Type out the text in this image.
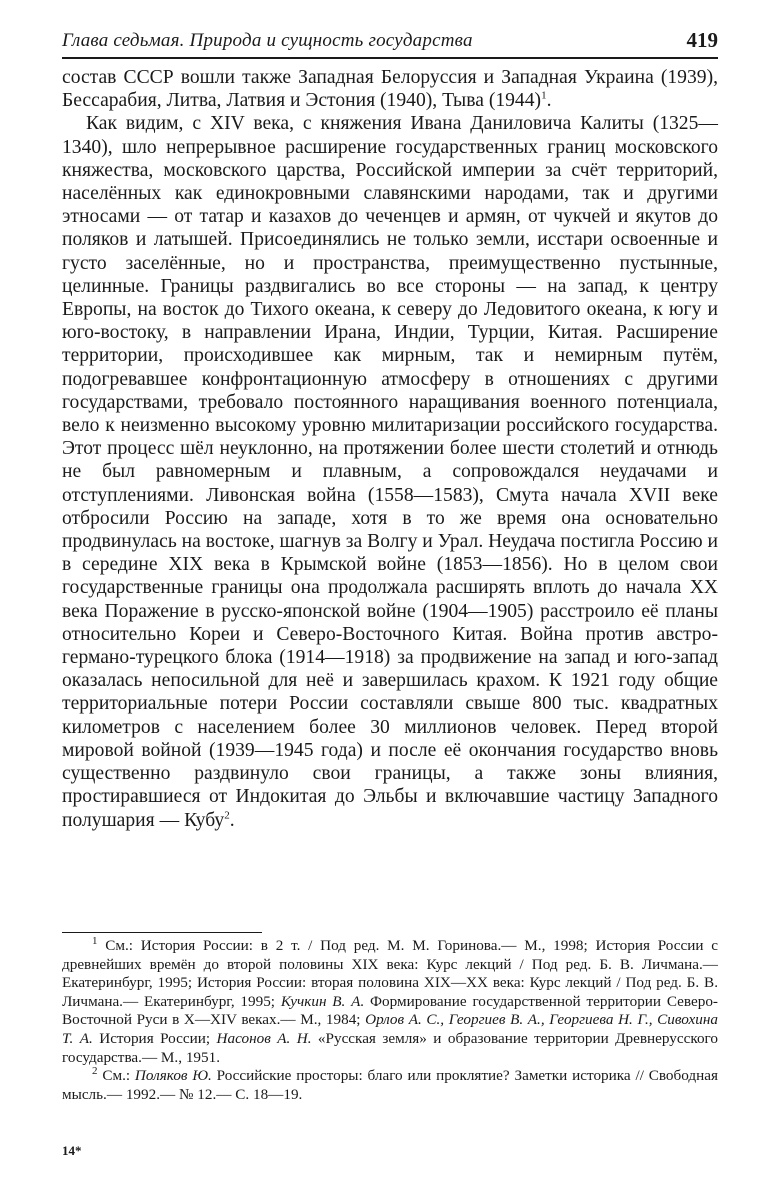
Глава седьмая. Природа и сущность государства	419

состав СССР вошли также Западная Белоруссия и Западная Украина (1939), Бессарабия, Литва, Латвия и Эстония (1940), Тыва $(1944)^1$.

Как видим, с XIV века, с княжения Ивана Даниловича Калиты (1325—1340), шло непрерывное расширение государственных границ московского княжества, московского царства, Российской империи за счёт территорий, населённых как единокровными славянскими народами, так и другими этносами — от татар и казахов до чеченцев и армян, от чукчей и якутов до поляков и латышей. Присоединялись не только земли, исстари освоенные и густо заселённые, но и пространства, преимущественно пустынные, целинные. Границы раздвигались во все стороны — на запад, к центру Европы, на восток до Тихого океана, к северу до Ледовитого океана, к югу и юго-востоку, в направлении Ирана, Индии, Турции, Китая. Расширение территории, происходившее как мирным, так и немирным путём, подогревавшее конфронтационную атмосферу в отношениях с другими государствами, требовало постоянного наращивания военного потенциала, вело к неизменно высокому уровню милитаризации российского государства. Этот процесс шёл неуклонно, на протяжении более шести столетий и отнюдь не был равномерным и плавным, а сопровождался неудачами и отступлениями. Ливонская война (1558—1583), Смута начала XVII веке отбросили Россию на западе, хотя в то же время она основательно продвинулась на востоке, шагнув за Волгу и Урал. Неудача постигла Россию и в середине XIX века в Крымской войне (1853—1856). Но в целом свои государственные границы она продолжала расширять вплоть до начала XX века Поражение в русско-японской войне (1904—1905) расстроило её планы относительно Кореи и Северо-Восточного Китая. Война против австро-германо-турецкого блока (1914—1918) за продвижение на запад и юго-запад оказалась непосильной для неё и завершилась крахом. К 1921 году общие территориальные потери России составляли свыше 800 тыс. квадратных километров с населением более 30 миллионов человек. Перед второй мировой войной (1939—1945 года) и после её окончания государство вновь существенно раздвинуло свои границы, а также зоны влияния, простиравшиеся от Индокитая до Эльбы и включавшие частицу Западного полушария — Кубу$^2$.

$^1$ См.: История России: в 2 т. / Под ред. М. М. Горинова.— М., 1998; История России с древнейших времён до второй половины XIX века: Курс лекций / Под ред. Б. В. Личмана.— Екатеринбург, 1995; История России: вторая половина XIX—XX века: Курс лекций / Под ред. Б. В. Личмана.— Екатеринбург, 1995; Кучкин В. А. Формирование государственной территории Северо-Восточной Руси в X—XIV веках.— М., 1984; Орлов А. С., Георгиев В. А., Георгиева Н. Г., Сивохина Т. А. История России; Насонов А. Н. «Русская земля» и образование территории Древнерусского государства.— М., 1951.

$^2$ См.: Поляков Ю. Российские просторы: благо или проклятие? Заметки историка // Свободная мысль.— 1992.— № 12.— С. 18—19.

14*
